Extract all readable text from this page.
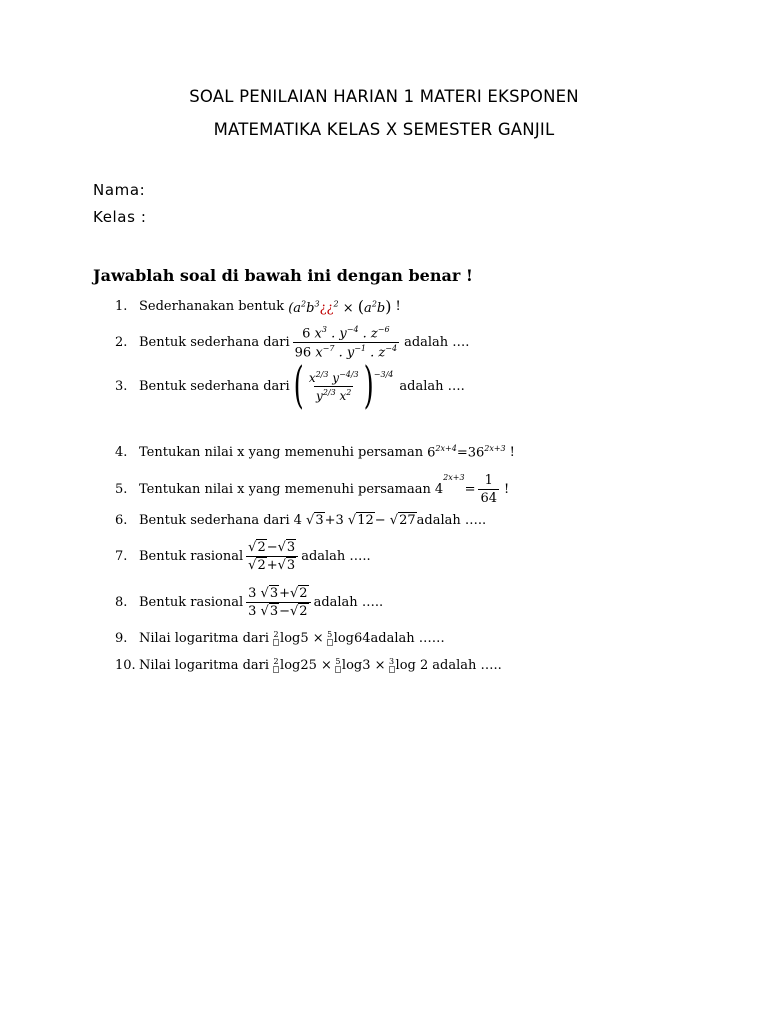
SOAL PENILAIAN HARIAN 1 MATERI EKSPONEN
MATEMATIKA KELAS X SEMESTER GANJIL
Nama:
Kelas :
Jawablah soal di bawah ini dengan benar !
1. Sederhanakan bentuk ($a^2b^3¿¿^2 \times (a^2b)$ !
2. Bentuk sederhana dari $\frac{6 x^3 . y^{-4} . z^{-6}}{96 x^{-7} . y^{-1} . z^{-4}}$ adalah ….
3. Bentuk sederhana dari ( $\frac{x^{2/3} y^{-4/3}}{y^{2/3} x^2} )^{-3/4}$
adalah ….
4. Tentukan nilai x yang memenuhi persaman $6^{2x+4}=36^{2x+3}$ !
5. Tentukan nilai x yang memenuhi persamaan 4
2x+3
= $\frac{1}{64}$ !
6. Bentuk sederhana dari 4 √3+3 √12− √27 adalah …..
7. Bentuk rasional $\frac{√2-√3}{√2+√3}$ adalah …..
8. Bentuk rasional $\frac{3 √3+√2}{3 √3-√2}$ adalah …..
9. Nilai logaritma dari 2 log5 × 5 log64 adalah ……
10. Nilai logaritma dari 2 log25 × 5 log3 × 3 log 2 adalah …..
